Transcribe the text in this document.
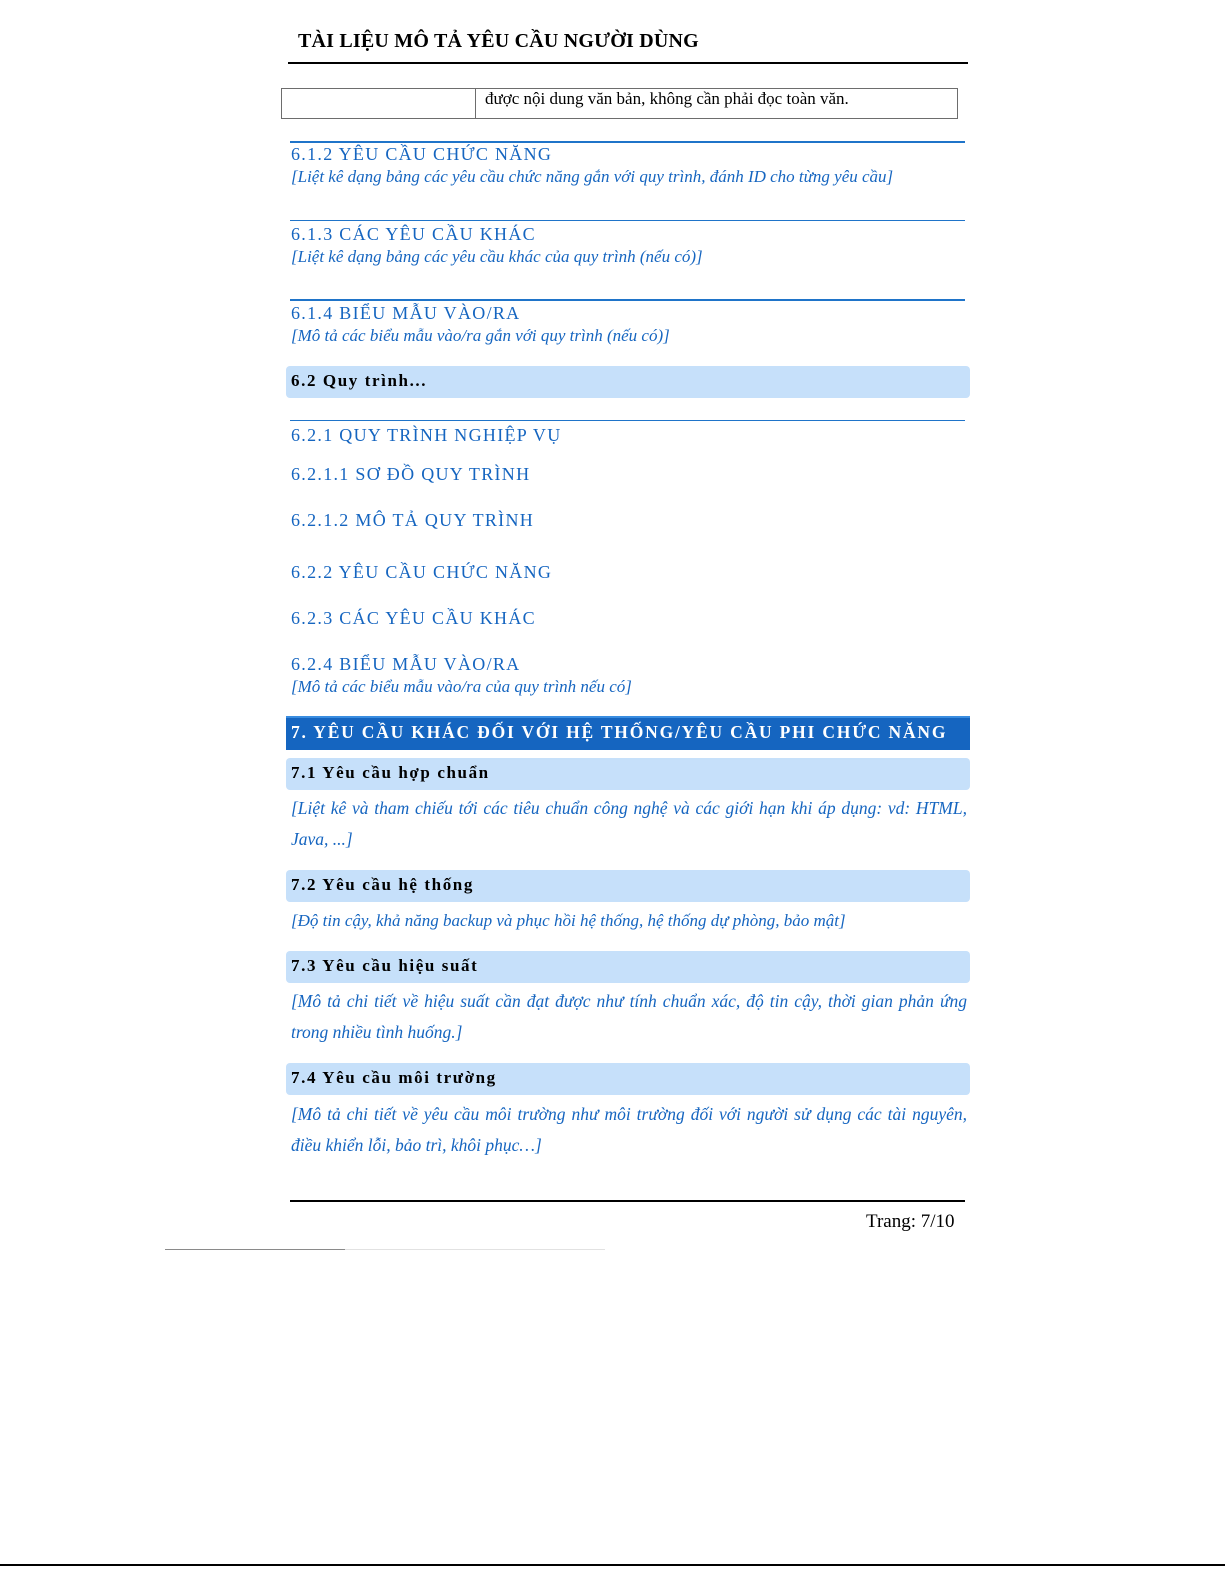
TÀI LIỆU MÔ TẢ YÊU CẦU NGƯỜI DÙNG
được nội dung văn bản, không cần phải đọc toàn văn.
6.1.2 YÊU CẦU CHỨC NĂNG
[Liệt kê dạng bảng các yêu cầu chức năng gắn với quy trình, đánh ID cho từng yêu cầu]
6.1.3 CÁC YÊU CẦU KHÁC
[Liệt kê dạng bảng các yêu cầu khác của quy trình (nếu có)]
6.1.4 BIỂU MẪU VÀO/RA
[Mô tả các biểu mẫu vào/ra gắn với quy trình (nếu có)]
6.2 Quy trình...
6.2.1 QUY TRÌNH NGHIỆP VỤ
6.2.1.1 SƠ ĐỒ QUY TRÌNH
6.2.1.2 MÔ TẢ QUY TRÌNH
6.2.2 YÊU CẦU CHỨC NĂNG
6.2.3 CÁC YÊU CẦU KHÁC
6.2.4 BIỂU MẪU VÀO/RA
[Mô tả các biểu mẫu vào/ra của quy trình nếu có]
7. YÊU CẦU KHÁC ĐỐI VỚI HỆ THỐNG/YÊU CẦU PHI CHỨC NĂNG
7.1 Yêu cầu hợp chuẩn
[Liệt kê và tham chiếu tới các tiêu chuẩn công nghệ và các giới hạn khi áp dụng: vd: HTML, Java, ...]
7.2 Yêu cầu hệ thống
[Độ tin cậy, khả năng backup và phục hồi hệ thống, hệ thống dự phòng, bảo mật]
7.3 Yêu cầu hiệu suất
[Mô tả chi tiết về hiệu suất cần đạt được như tính chuẩn xác, độ tin cậy, thời gian phản ứng trong nhiều tình huống.]
7.4 Yêu cầu môi trường
[Mô tả chi tiết về yêu cầu môi trường như môi trường đối với người sử dụng các tài nguyên, điều khiển lỗi, bảo trì, khôi phục…]
Trang: 7/10
